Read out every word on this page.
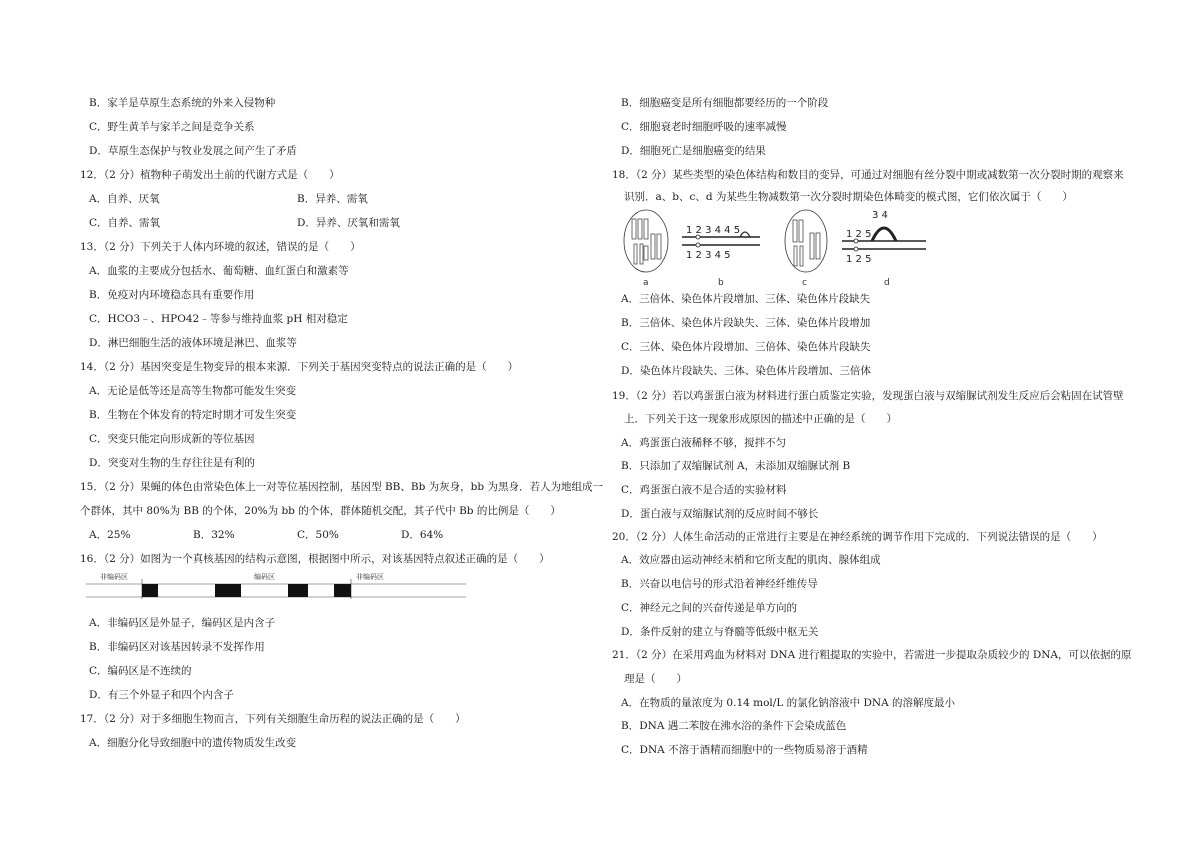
B．家羊是草原生态系统的外来入侵物种
C．野生黄羊与家羊之间是竞争关系
D．草原生态保护与牧业发展之间产生了矛盾
12．（2 分）植物种子萌发出土前的代谢方式是（　　）
A．自养、厌氧	B．异养、需氧
C．自养、需氧	D．异养、厌氧和需氧
13．（2 分）下列关于人体内环境的叙述，错误的是（　　）
A．血浆的主要成分包括水、葡萄糖、血红蛋白和激素等
B．免疫对内环境稳态具有重要作用
C．HCO3﹣、HPO42﹣等参与维持血浆 pH 相对稳定
D．淋巴细胞生活的液体环境是淋巴、血浆等
14．（2 分）基因突变是生物变异的根本来源．下列关于基因突变特点的说法正确的是（　　）
A．无论是低等还是高等生物都可能发生突变
B．生物在个体发育的特定时期才可发生突变
C．突变只能定向形成新的等位基因
D．突变对生物的生存往往是有利的
15．（2 分）果蝇的体色由常染色体上一对等位基因控制，基因型 BB、Bb 为灰身，bb 为黑身．若人为地组成一
个群体，其中 80%为 BB 的个体，20%为 bb 的个体，群体随机交配，其子代中 Bb 的比例是（　　）
A．25%	B．32%	C．50%	D．64%
16．（2 分）如图为一个真核基因的结构示意图，根据图中所示，对该基因特点叙述正确的是（　　）
非编码区	编码区	非编码区
A．非编码区是外显子，编码区是内含子
B．非编码区对该基因转录不发挥作用
C．编码区是不连续的
D．有三个外显子和四个内含子
17．（2 分）对于多细胞生物而言，下列有关细胞生命历程的说法正确的是（　　）
A．细胞分化导致细胞中的遗传物质发生改变
B．细胞癌变是所有细胞都要经历的一个阶段
C．细胞衰老时细胞呼吸的速率减慢
D．细胞死亡是细胞癌变的结果
18．（2 分）某些类型的染色体结构和数目的变异，可通过对细胞有丝分裂中期或减数第一次分裂时期的观察来
识别．a、b、c、d 为某些生物减数第一次分裂时期染色体畸变的模式图，它们依次属于（　　）
a
1 2 3 4 4 5
1 2 3 4 5
b	c
3 4
1 2 5
1 2 5
d
A．三倍体、染色体片段增加、三体、染色体片段缺失
B．三倍体、染色体片段缺失、三体、染色体片段增加
C．三体、染色体片段增加、三倍体、染色体片段缺失
D．染色体片段缺失、三体、染色体片段增加、三倍体
19．（2 分）若以鸡蛋蛋白液为材料进行蛋白质鉴定实验，发现蛋白液与双缩脲试剂发生反应后会粘固在试管壁
上．下列关于这一现象形成原因的描述中正确的是（　　）
A．鸡蛋蛋白液稀释不够，搅拌不匀
B．只添加了双缩脲试剂 A，未添加双缩脲试剂 B
C．鸡蛋蛋白液不是合适的实验材料
D．蛋白液与双缩脲试剂的反应时间不够长
20．（2 分）人体生命活动的正常进行主要是在神经系统的调节作用下完成的．下列说法错误的是（　　）
A．效应器由运动神经末梢和它所支配的肌肉、腺体组成
B．兴奋以电信号的形式沿着神经纤维传导
C．神经元之间的兴奋传递是单方向的
D．条件反射的建立与脊髓等低级中枢无关
21．（2 分）在采用鸡血为材料对 DNA 进行粗提取的实验中，若需进一步提取杂质较少的 DNA，可以依据的原
理是（　　）
A．在物质的量浓度为 0.14 mol/L 的氯化钠溶液中 DNA 的溶解度最小
B．DNA 遇二苯胺在沸水浴的条件下会染成蓝色
C．DNA 不溶于酒精而细胞中的一些物质易溶于酒精
